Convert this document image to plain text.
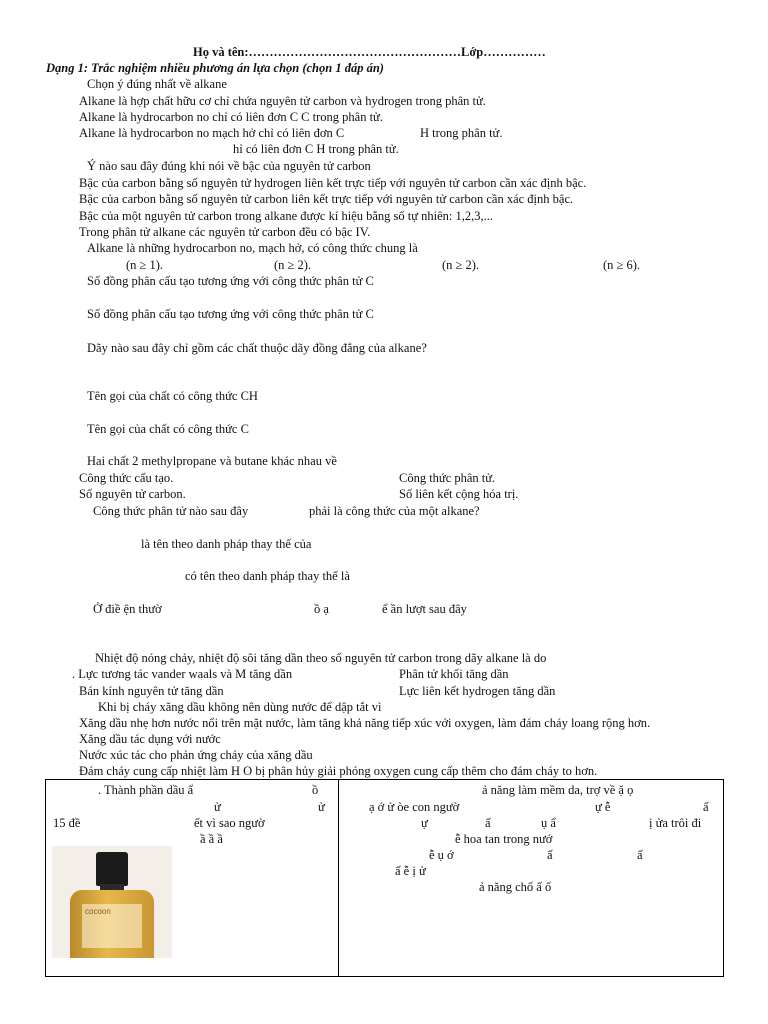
Họ và tên:……………………………………………Lớp……………
Dạng 1: Trắc nghiệm nhiều phương án lựa chọn (chọn 1 đáp án)
Chọn ý đúng nhất về alkane
Alkane là hợp chất hữu cơ chỉ chứa nguyên tử carbon và hydrogen trong phân tử.
Alkane là hydrocarbon no chỉ có liên đơn C C trong phân tử.
Alkane là hydrocarbon no mạch hở chỉ có liên đơn C	H trong phân tử.
hỉ có liên đơn C H trong phân tử.
Ý nào sau đây đúng khi nói về bậc của nguyên tử carbon
Bậc của carbon bằng số nguyên tử hydrogen liên kết trực tiếp với nguyên tử carbon cần xác định bậc.
Bậc của carbon bằng số nguyên tử carbon liên kết trực tiếp với nguyên tử carbon cần xác định bậc.
Bậc của một nguyên tử carbon trong alkane được kí hiệu bằng số tự nhiên: 1,2,3,...
Trong phân tử alkane các nguyên tử carbon đều có bậc IV.
Alkane là những hydrocarbon no, mạch hở, có công thức chung là
(n ≥ 1).	(n ≥ 2).	(n ≥ 2).	(n ≥ 6).
Số đồng phân cấu tạo tương ứng với công thức phân tử C
Số đồng phân cấu tạo tương ứng với công thức phân tử C
Dãy nào sau đây chỉ gồm các chất thuộc dãy đồng đẳng của alkane?
Tên gọi của chất có công thức CH
Tên gọi của chất có công thức C
Hai chất 2 methylpropane và butane khác nhau về
Công thức cấu tạo.	Công thức phân tử.
Số nguyên tử carbon.	Số liên kết cộng hóa trị.
Công thức phân tử nào sau đây	phải là công thức của một alkane?
là tên theo danh pháp thay thế của
có tên theo danh pháp thay thế là
Ở điề ện thườ	ồ ạ	ể ần lượt sau đây
Nhiệt độ nóng chảy, nhiệt độ sôi tăng dần theo số nguyên tử carbon trong dãy alkane là do
. Lực tương tác vander waals và M tăng dần	Phân tử khối tăng dần
Bán kính nguyên tử tăng dần	Lực liên kết hydrogen tăng dần
Khi bị cháy xăng dầu không nên dùng nước để dập tắt vì
Xăng dầu nhẹ hơn nước nổi trên mặt nước, làm tăng khả năng tiếp xúc với oxygen, làm đám cháy loang rộng hơn.
Xăng dầu tác dụng với nước
Nước xúc tác cho phản ứng cháy của xăng dầu
Đám cháy cung cấp nhiệt làm H O bị phân hủy giải phóng oxygen cung cấp thêm cho đám cháy to hơn.
. Thành phần dầu ẩ	ồ
ử	ử
15 đề	ết vì sao ngườ
ầ ầ ầ
cocoon
ả năng làm mềm da, trợ về ặ ọ
ạ ớ ử òe con ngườ	ự ễ	ấ
ự	ấ	ụ ẩ	ị ửa trôi đi
ễ hoa tan trong nướ
ễ ụ ớ	ấ	ấ
ấ ễ ị ử
ả năng chố ấ ố
